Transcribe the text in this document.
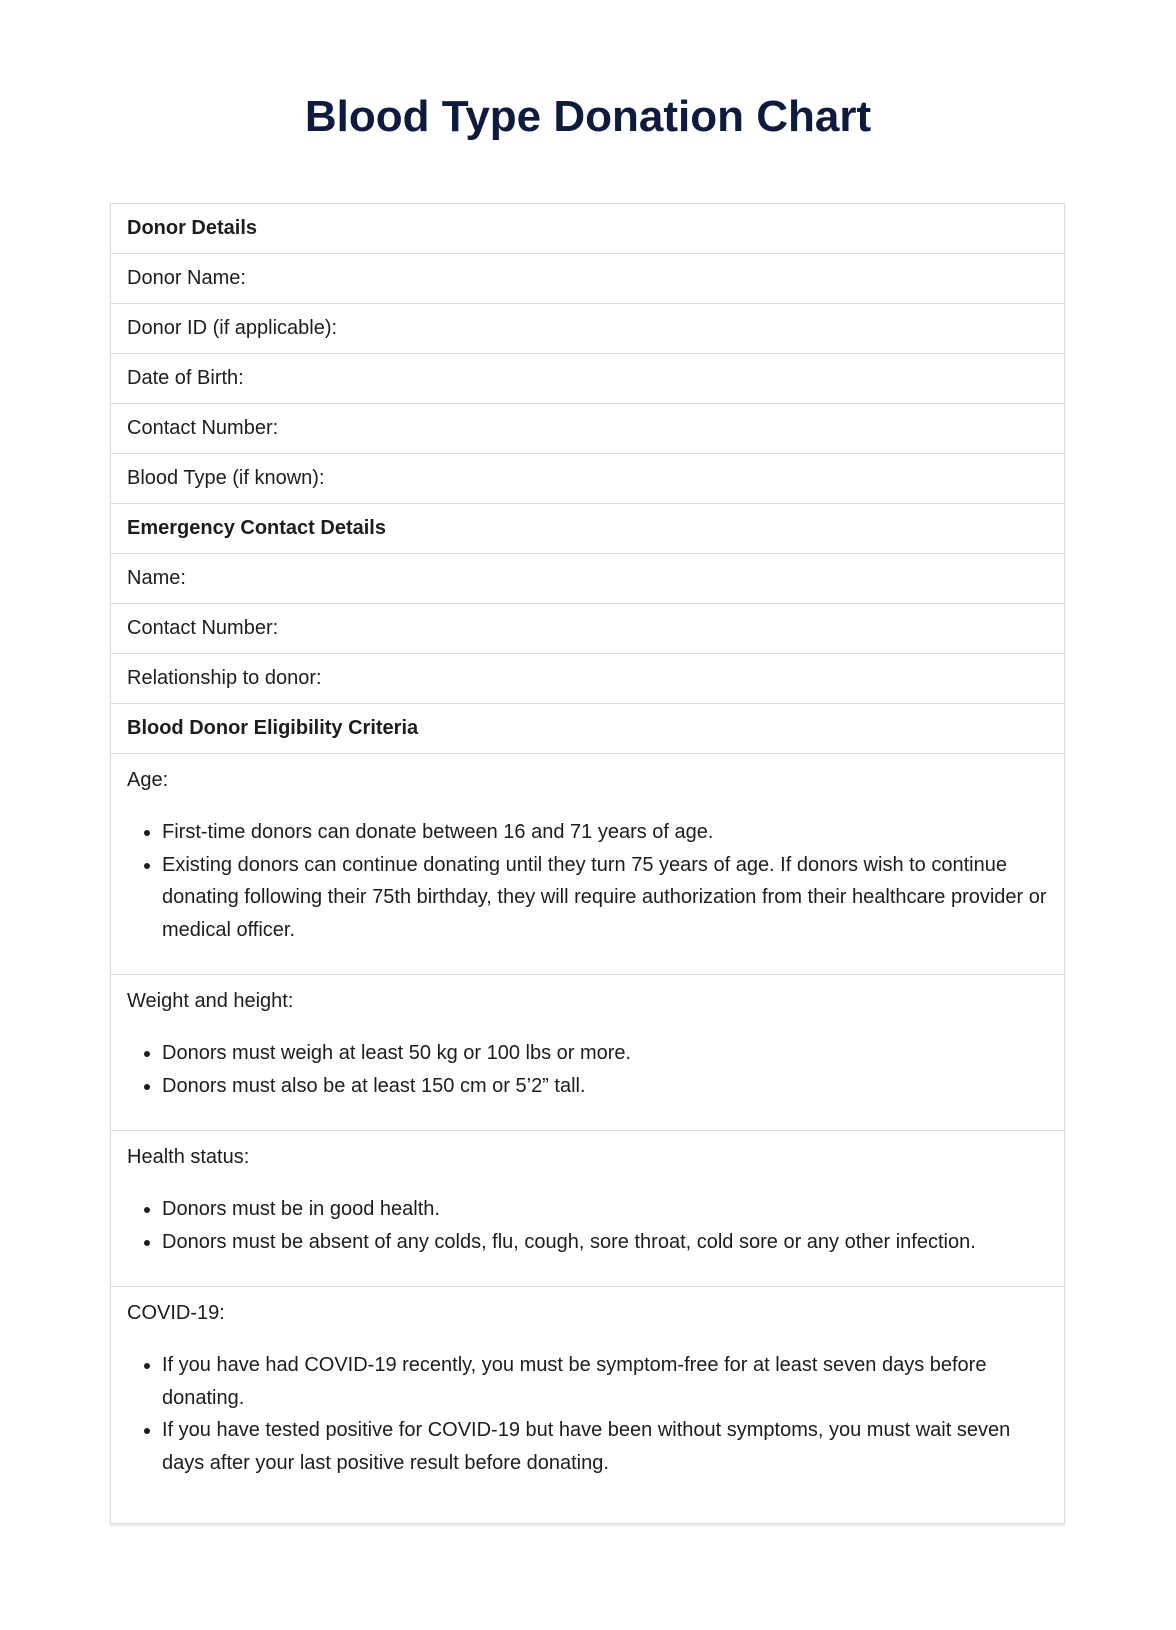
Blood Type Donation Chart
Donor Details
Donor Name:
Donor ID (if applicable):
Date of Birth:
Contact Number:
Blood Type (if known):
Emergency Contact Details
Name:
Contact Number:
Relationship to donor:
Blood Donor Eligibility Criteria
Age:
• First-time donors can donate between 16 and 71 years of age.
• Existing donors can continue donating until they turn 75 years of age. If donors wish to continue donating following their 75th birthday, they will require authorization from their healthcare provider or medical officer.
Weight and height:
• Donors must weigh at least 50 kg or 100 lbs or more.
• Donors must also be at least 150 cm or 5’2” tall.
Health status:
• Donors must be in good health.
• Donors must be absent of any colds, flu, cough, sore throat, cold sore or any other infection.
COVID-19:
• If you have had COVID-19 recently, you must be symptom-free for at least seven days before donating.
• If you have tested positive for COVID-19 but have been without symptoms, you must wait seven days after your last positive result before donating.
